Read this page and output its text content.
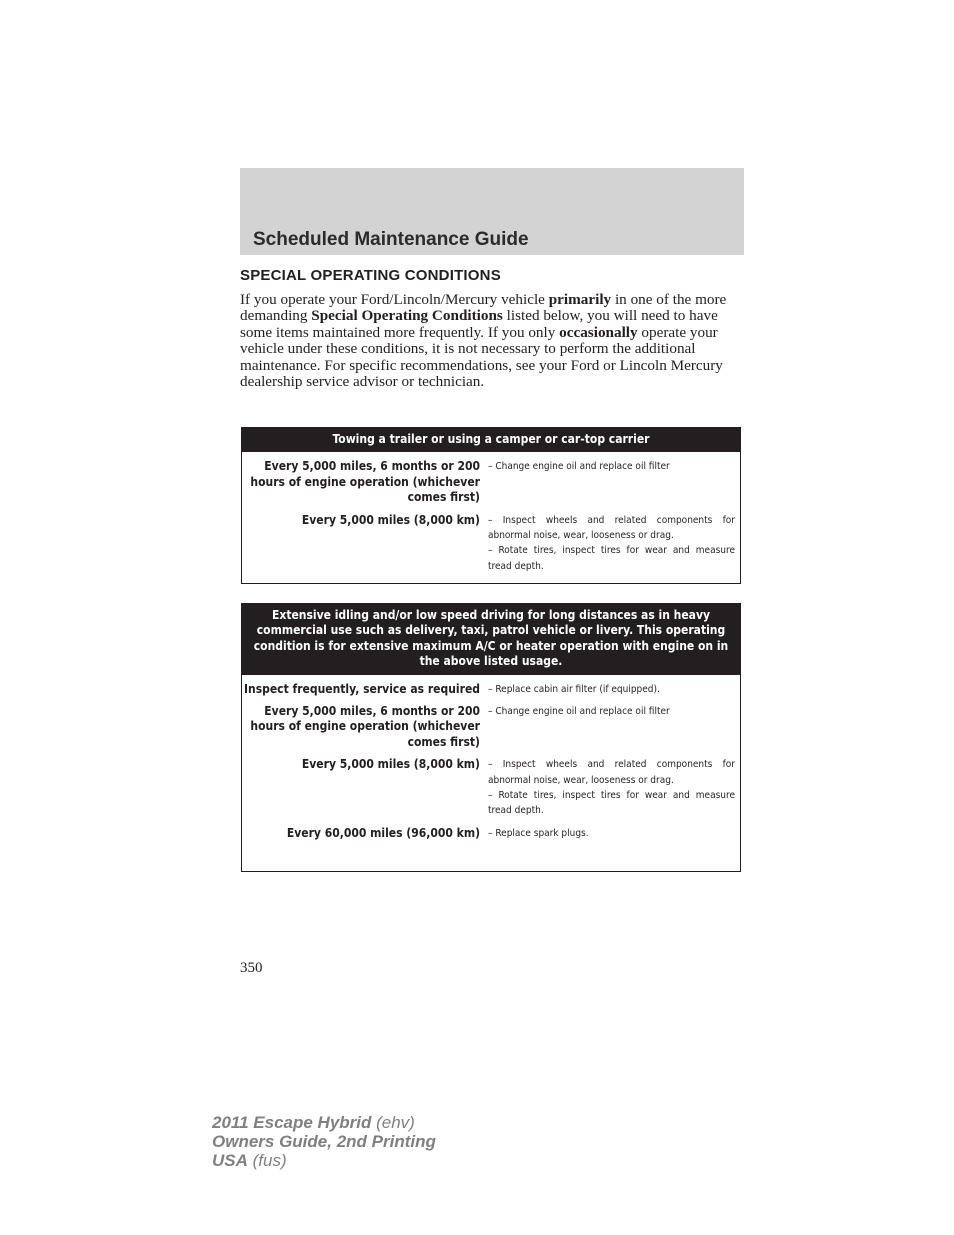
Scheduled Maintenance Guide
SPECIAL OPERATING CONDITIONS

If you operate your Ford/Lincoln/Mercury vehicle primarily in one of the more demanding Special Operating Conditions listed below, you will need to have some items maintained more frequently. If you only occasionally operate your vehicle under these conditions, it is not necessary to perform the additional maintenance. For specific recommendations, see your Ford or Lincoln Mercury dealership service advisor or technician.

Towing a trailer or using a camper or car-top carrier
Every 5,000 miles, 6 months or 200 hours of engine operation (whichever comes first)
– Change engine oil and replace oil filter
Every 5,000 miles (8,000 km) – Inspect wheels and related components for abnormal noise, wear, looseness or drag.
– Rotate tires, inspect tires for wear and measure tread depth.
Extensive idling and/or low speed driving for long distances as in heavy commercial use such as delivery, taxi, patrol vehicle or livery. This operating condition is for extensive maximum A/C or heater operation with engine on in the above listed usage.
Inspect frequently, service as required – Replace cabin air filter (if equipped).
Every 5,000 miles, 6 months or 200 hours of engine operation (whichever comes first)
– Change engine oil and replace oil filter
Every 5,000 miles (8,000 km) – Inspect wheels and related components for abnormal noise, wear, looseness or drag.
– Rotate tires, inspect tires for wear and measure tread depth.
Every 60,000 miles (96,000 km) – Replace spark plugs.

350

2011 Escape Hybrid (ehv)
Owners Guide, 2nd Printing
USA (fus)
